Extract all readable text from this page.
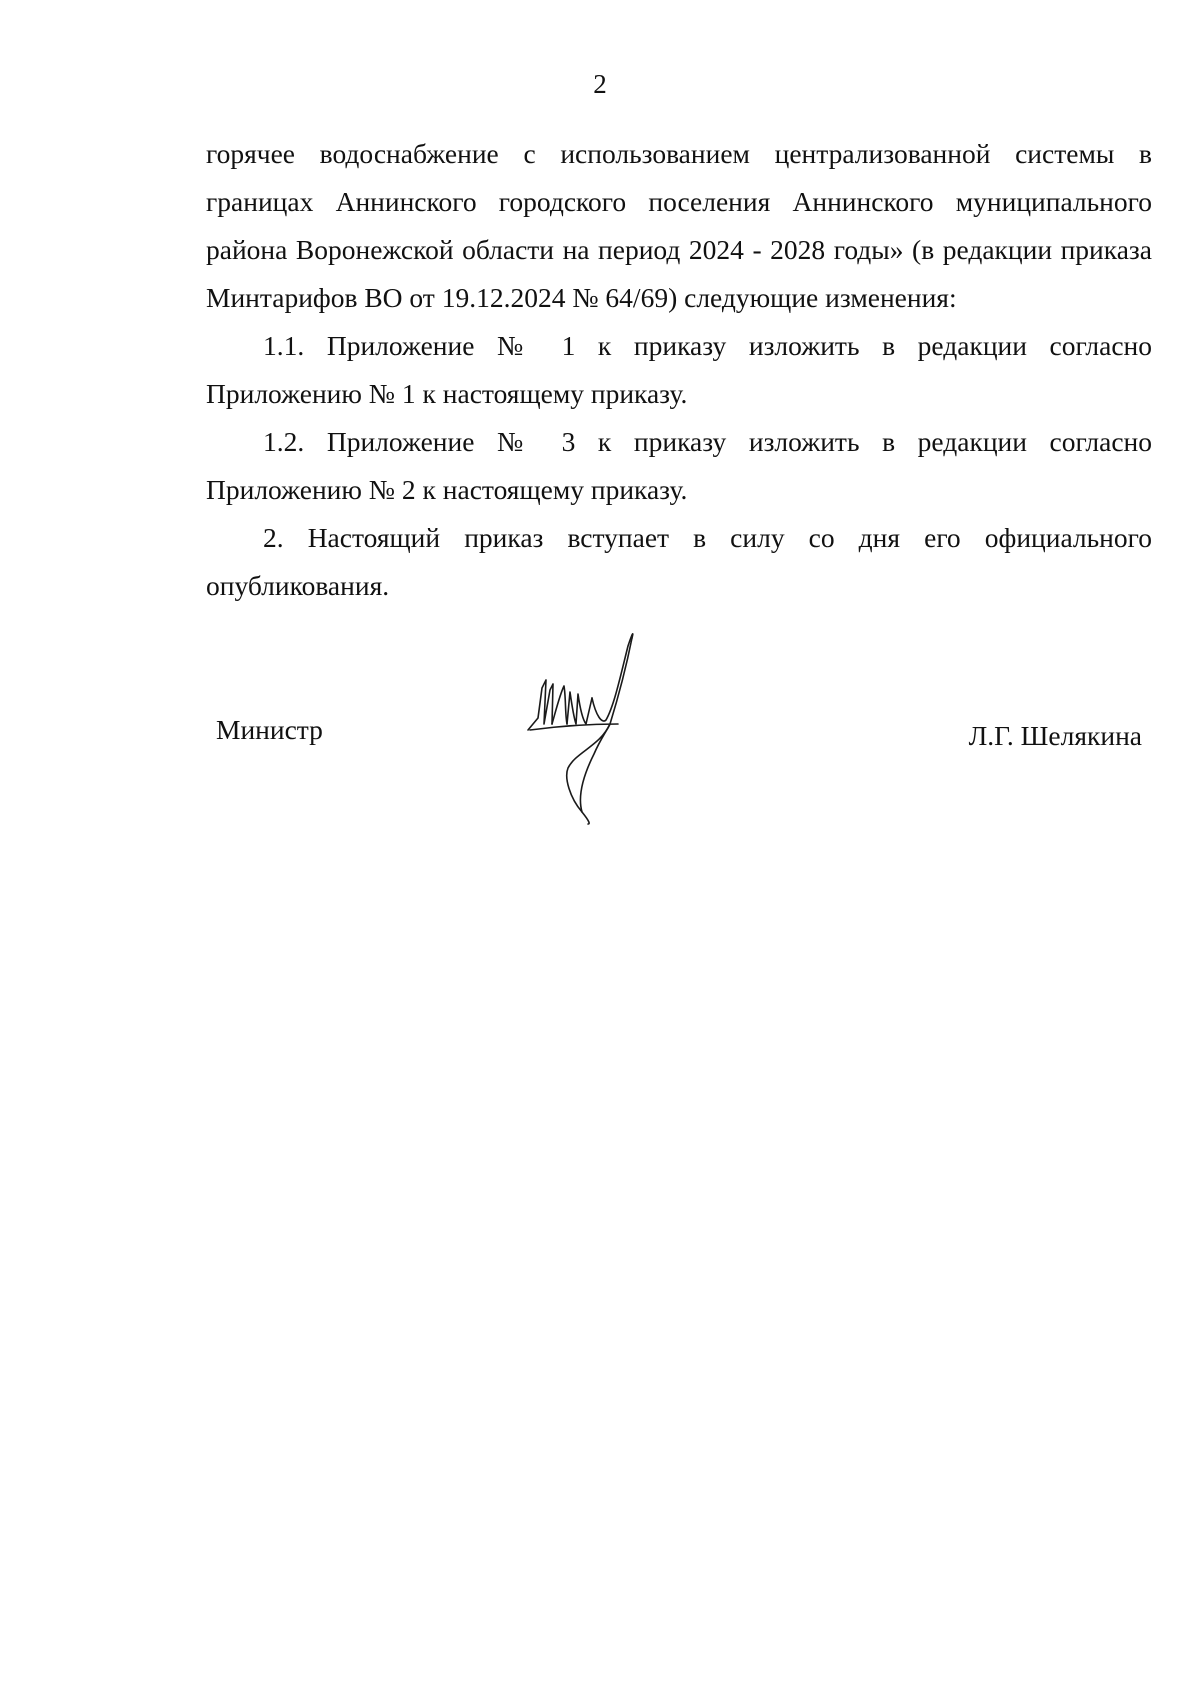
2

горячее водоснабжение с использованием централизованной системы в границах Аннинского городского поселения Аннинского муниципального района Воронежской области на период 2024 - 2028 годы» (в редакции приказа Минтарифов ВО от 19.12.2024 № 64/69) следующие изменения:

1.1. Приложение № 1 к приказу изложить в редакции согласно Приложению № 1 к настоящему приказу.

1.2. Приложение № 3 к приказу изложить в редакции согласно Приложению № 2 к настоящему приказу.

2. Настоящий приказ вступает в силу со дня его официального опубликования.

Министр	Л.Г. Шелякина
